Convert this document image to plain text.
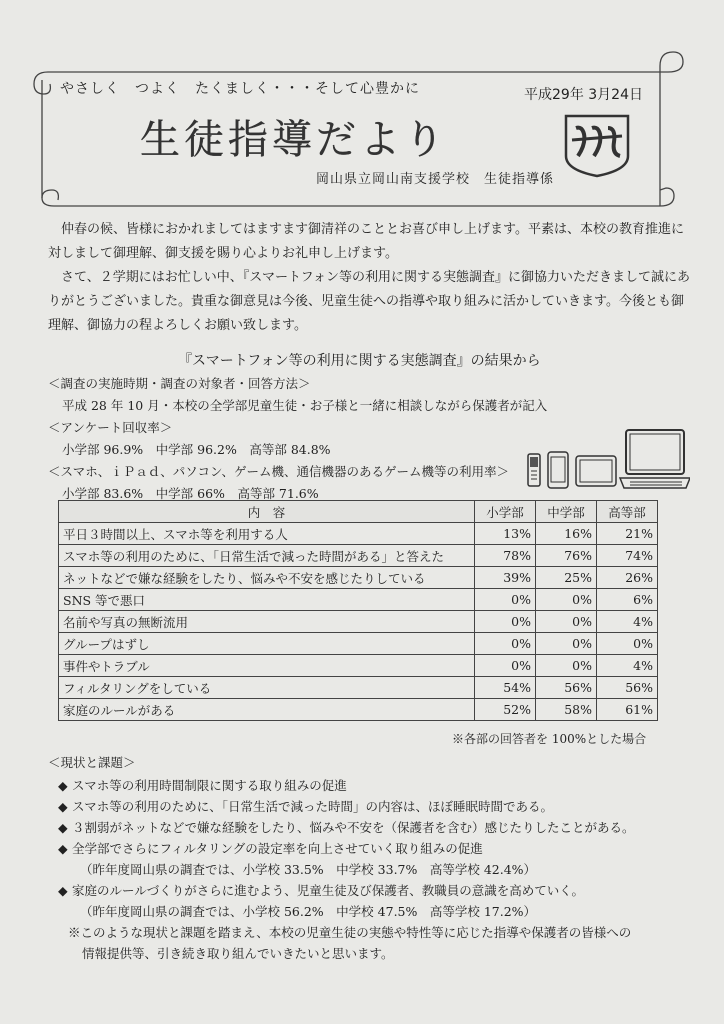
やさしく　つよく　たくましく・・・そして心豊かに	平成29年 3月24日
生徒指導だより
岡山県立岡山南支援学校　生徒指導係

仲春の候、皆様におかれましてはますます御清祥のこととお喜び申し上げます。平素は、本校の教育推進に対しまして御理解、御支援を賜り心よりお礼申し上げます。

さて、２学期にはお忙しい中、『スマートフォン等の利用に関する実態調査』に御協力いただきまして誠にありがとうございました。貴重な御意見は今後、児童生徒への指導や取り組みに活かしていきます。今後とも御理解、御協力の程よろしくお願い致します。

『スマートフォン等の利用に関する実態調査』の結果から
＜調査の実施時期・調査の対象者・回答方法＞
平成 28 年 10 月・本校の全学部児童生徒・お子様と一緒に相談しながら保護者が記入
＜アンケート回収率＞
小学部 96.9%　中学部 96.2%　高等部 84.8%
＜スマホ、ｉＰａｄ、パソコン、ゲーム機、通信機器のあるゲーム機等の利用率＞
小学部 83.6%　中学部 66%　高等部 71.6%
内　容	小学部	中学部	高等部
平日３時間以上、スマホ等を利用する人	13%	16%	21%
スマホ等の利用のために、「日常生活で減った時間がある」と答えた	78%	76%	74%
ネットなどで嫌な経験をしたり、悩みや不安を感じたりしている	39%	25%	26%
SNS 等で悪口	0%	0%	6%
名前や写真の無断流用	0%	0%	4%
グループはずし	0%	0%	0%
事件やトラブル	0%	0%	4%
フィルタリングをしている	54%	56%	56%
家庭のルールがある	52%	58%	61%
※各部の回答者を 100%とした場合
＜現状と課題＞
◆ スマホ等の利用時間制限に関する取り組みの促進
◆ スマホ等の利用のために、「日常生活で減った時間」の内容は、ほぼ睡眠時間である。
◆ ３割弱がネットなどで嫌な経験をしたり、悩みや不安を（保護者を含む）感じたりしたことがある。
◆ 全学部でさらにフィルタリングの設定率を向上させていく取り組みの促進
（昨年度岡山県の調査では、小学校 33.5%　中学校 33.7%　高等学校 42.4%）
◆ 家庭のルールづくりがさらに進むよう、児童生徒及び保護者、教職員の意識を高めていく。
（昨年度岡山県の調査では、小学校 56.2%　中学校 47.5%　高等学校 17.2%）
※このような現状と課題を踏まえ、本校の児童生徒の実態や特性等に応じた指導や保護者の皆様への
情報提供等、引き続き取り組んでいきたいと思います。
